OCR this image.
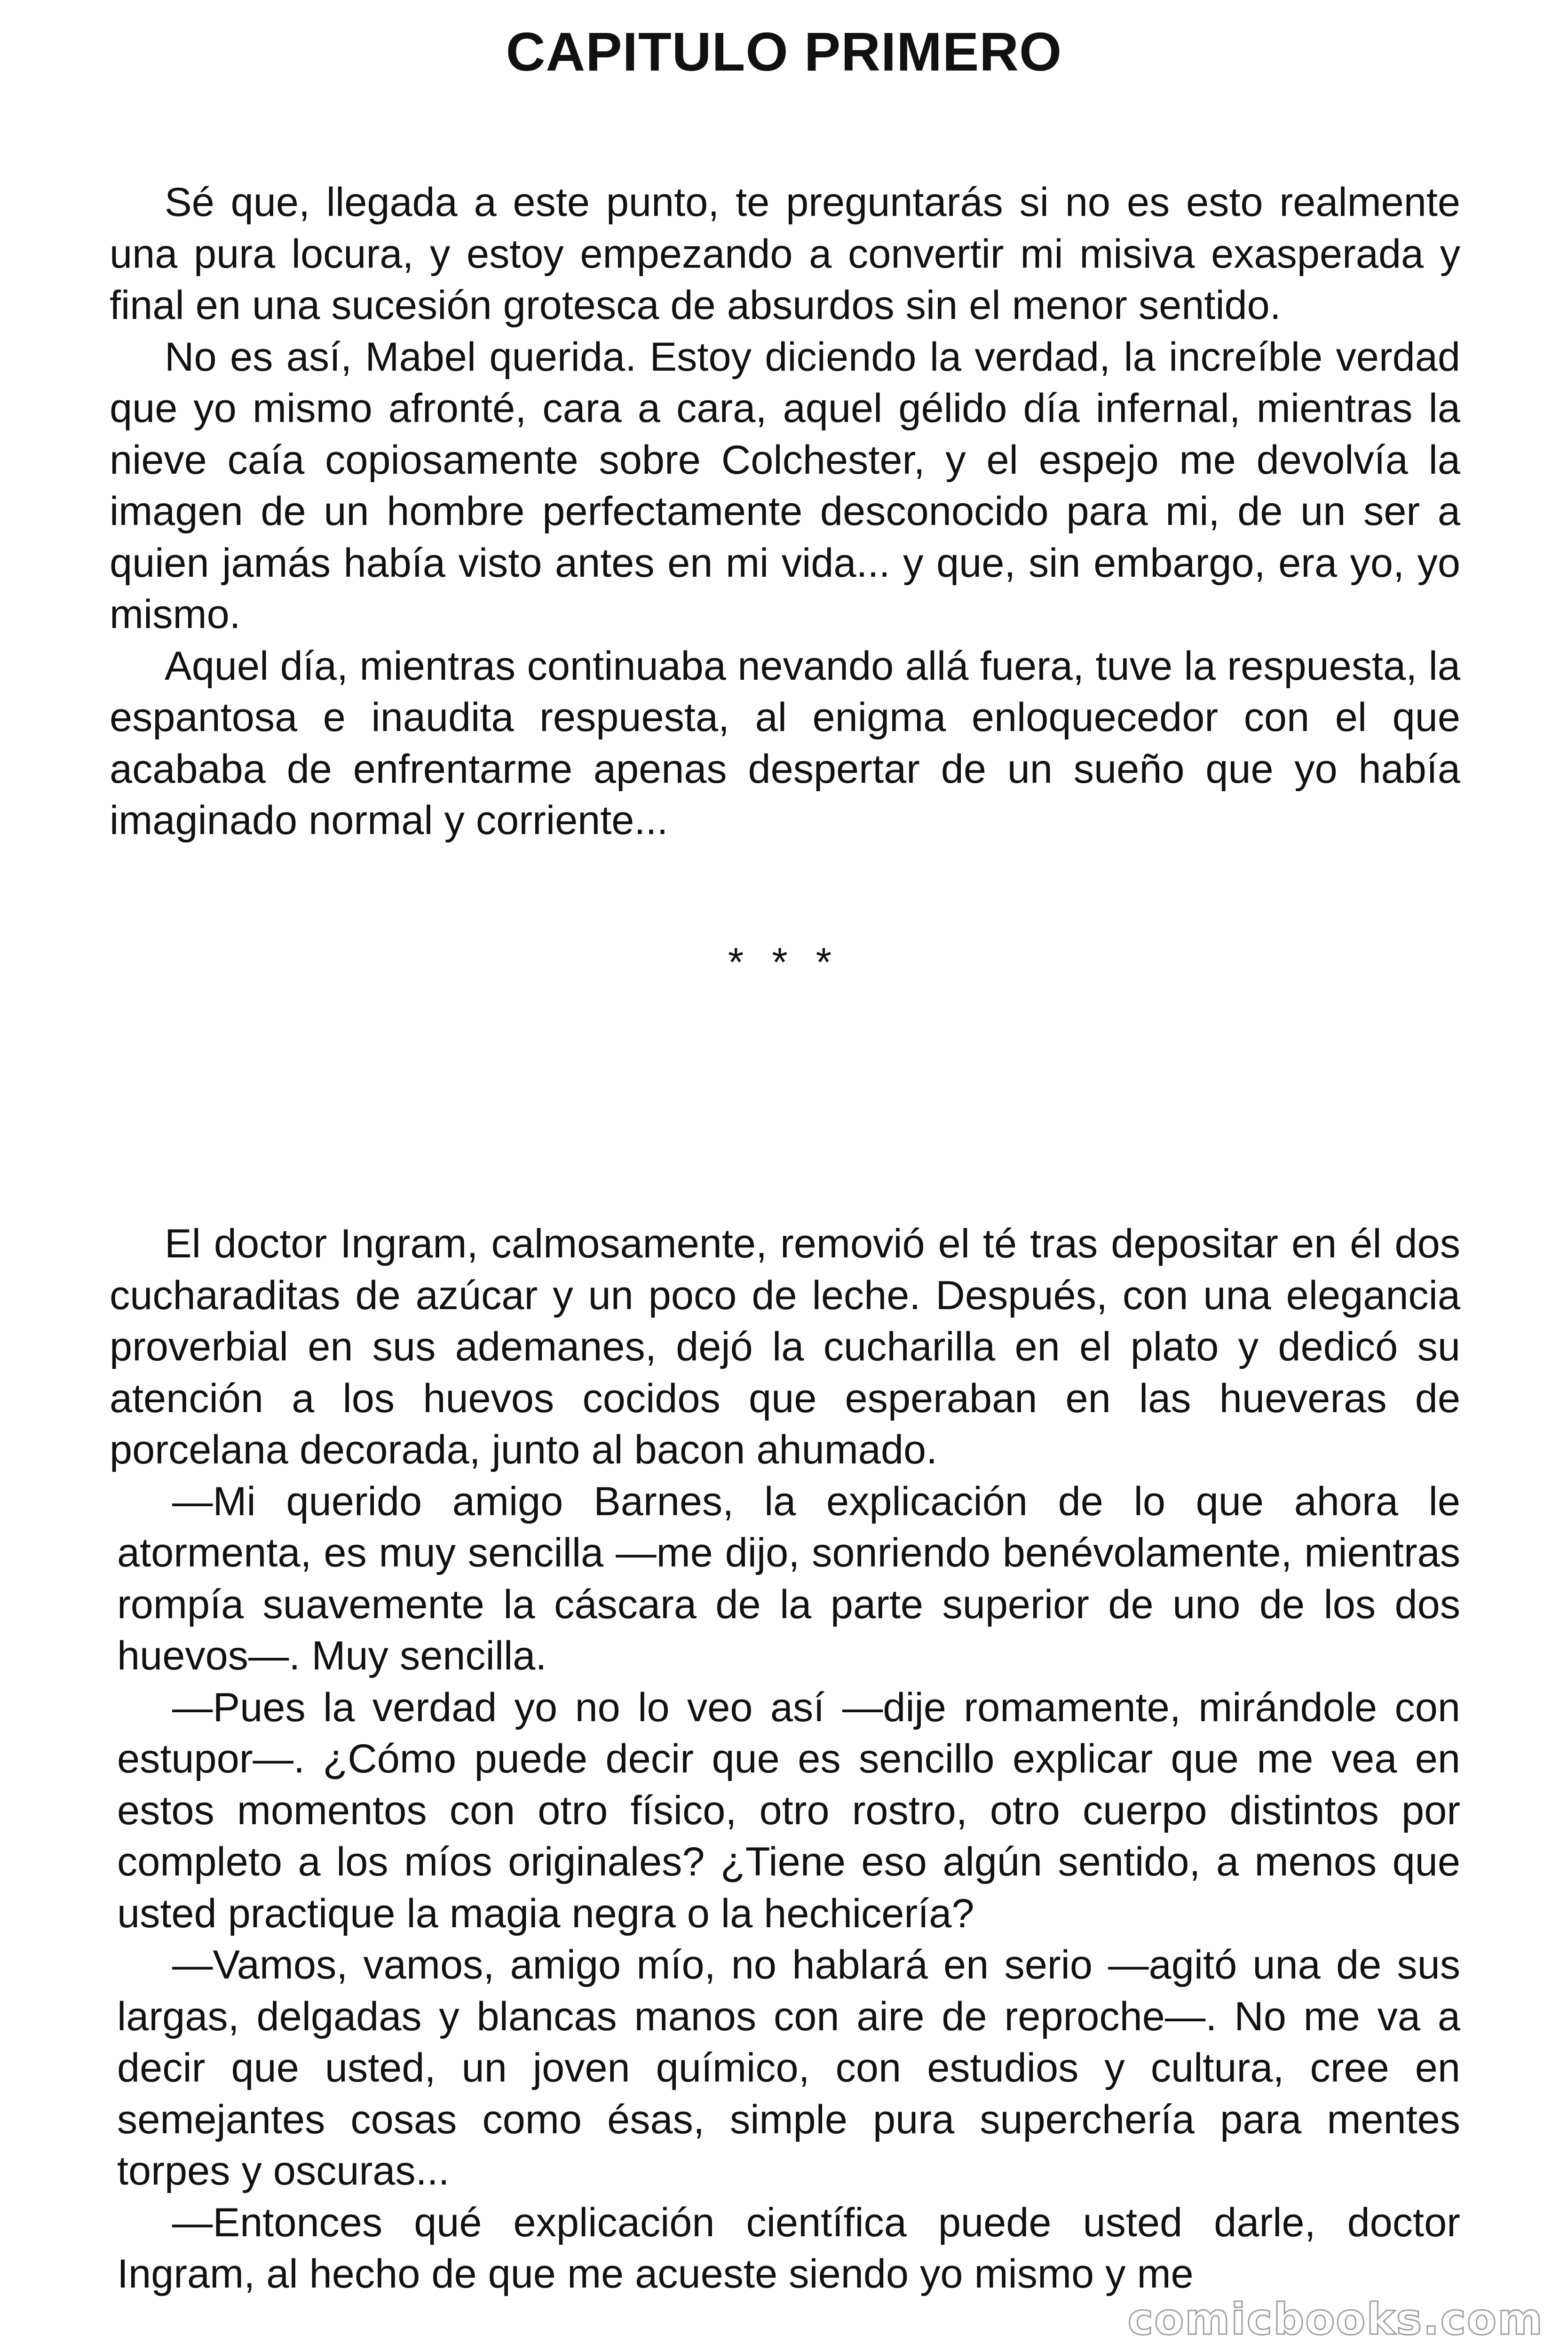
CAPITULO PRIMERO

Sé que, llegada a este punto, te preguntarás si no es esto realmente una pura locura, y estoy empezando a convertir mi misiva exasperada y final en una sucesión grotesca de absurdos sin el menor sentido.

No es así, Mabel querida. Estoy diciendo la verdad, la increíble verdad que yo mismo afronté, cara a cara, aquel gélido día infernal, mientras la nieve caía copiosamente sobre Colchester, y el espejo me devolvía la imagen de un hombre perfectamente desconocido para mi, de un ser a quien jamás había visto antes en mi vida... y que, sin embargo, era yo, yo mismo.

Aquel día, mientras continuaba nevando allá fuera, tuve la respuesta, la espantosa e inaudita respuesta, al enigma enloquecedor con el que acababa de enfrentarme apenas despertar de un sueño que yo había imaginado normal y corriente...

* * *

El doctor Ingram, calmosamente, removió el té tras depositar en él dos cucharaditas de azúcar y un poco de leche. Después, con una elegancia proverbial en sus ademanes, dejó la cucharilla en el plato y dedicó su atención a los huevos cocidos que esperaban en las hueveras de porcelana decorada, junto al bacon ahumado.

—Mi querido amigo Barnes, la explicación de lo que ahora le atormenta, es muy sencilla —me dijo, sonriendo benévolamente, mientras rompía suavemente la cáscara de la parte superior de uno de los dos huevos—. Muy sencilla.

—Pues la verdad yo no lo veo así —dije romamente, mirándole con estupor—. ¿Cómo puede decir que es sencillo explicar que me vea en estos momentos con otro físico, otro rostro, otro cuerpo distintos por completo a los míos originales? ¿Tiene eso algún sentido, a menos que usted practique la magia negra o la hechicería?

—Vamos, vamos, amigo mío, no hablará en serio —agitó una de sus largas, delgadas y blancas manos con aire de reproche—. No me va a decir que usted, un joven químico, con estudios y cultura, cree en semejantes cosas como ésas, simple pura superchería para mentes torpes y oscuras...

—Entonces qué explicación científica puede usted darle, doctor Ingram, al hecho de que me acueste siendo yo mismo y me

comicbooks.com
